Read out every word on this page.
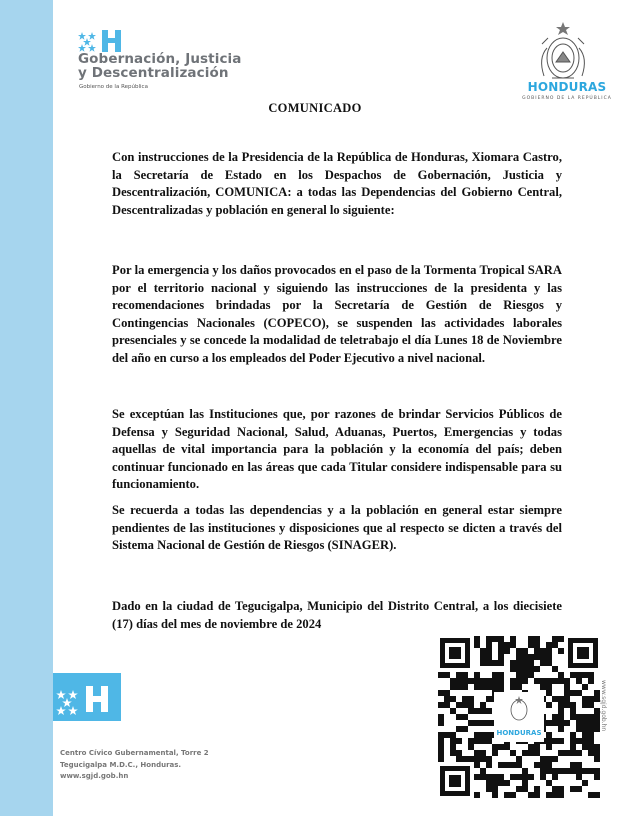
Gobernación, Justicia
y Descentralización
Gobierno de la República	HONDURAS
GOBIERNO DE LA REPÚBLICA
COMUNICADO

Con instrucciones de la Presidencia de la República de Honduras, Xiomara Castro, la Secretaría de Estado en los Despachos de Gobernación, Justicia y Descentralización, COMUNICA: a todas las Dependencias del Gobierno Central, Descentralizadas y población en general lo siguiente:

Por la emergencia y los daños provocados en el paso de la Tormenta Tropical SARA por el territorio nacional y siguiendo las instrucciones de la presidenta y las recomendaciones brindadas por la Secretaría de Gestión de Riesgos y Contingencias Nacionales (COPECO), se suspenden las actividades laborales presenciales y se concede la modalidad de teletrabajo el día Lunes 18 de Noviembre del año en curso a los empleados del Poder Ejecutivo a nivel nacional.

Se exceptúan las Instituciones que, por razones de brindar Servicios Públicos de Defensa y Seguridad Nacional, Salud, Aduanas, Puertos, Emergencias y todas aquellas de vital importancia para la población y la economía del país; deben continuar funcionado en las áreas que cada Titular considere indispensable para su funcionamiento.

Se recuerda a todas las dependencias y a la población en general estar siempre pendientes de las instituciones y disposiciones que al respecto se dicten a través del Sistema Nacional de Gestión de Riesgos (SINAGER).

Dado en la ciudad de Tegucigalpa, Municipio del Distrito Central, a los diecisiete (17) días del mes de noviembre de 2024

Centro Cívico Gubernamental, Torre 2
Tegucigalpa M.D.C., Honduras.
www.sgjd.gob.hn
HONDURAS
www.sgjd.gob.hn
